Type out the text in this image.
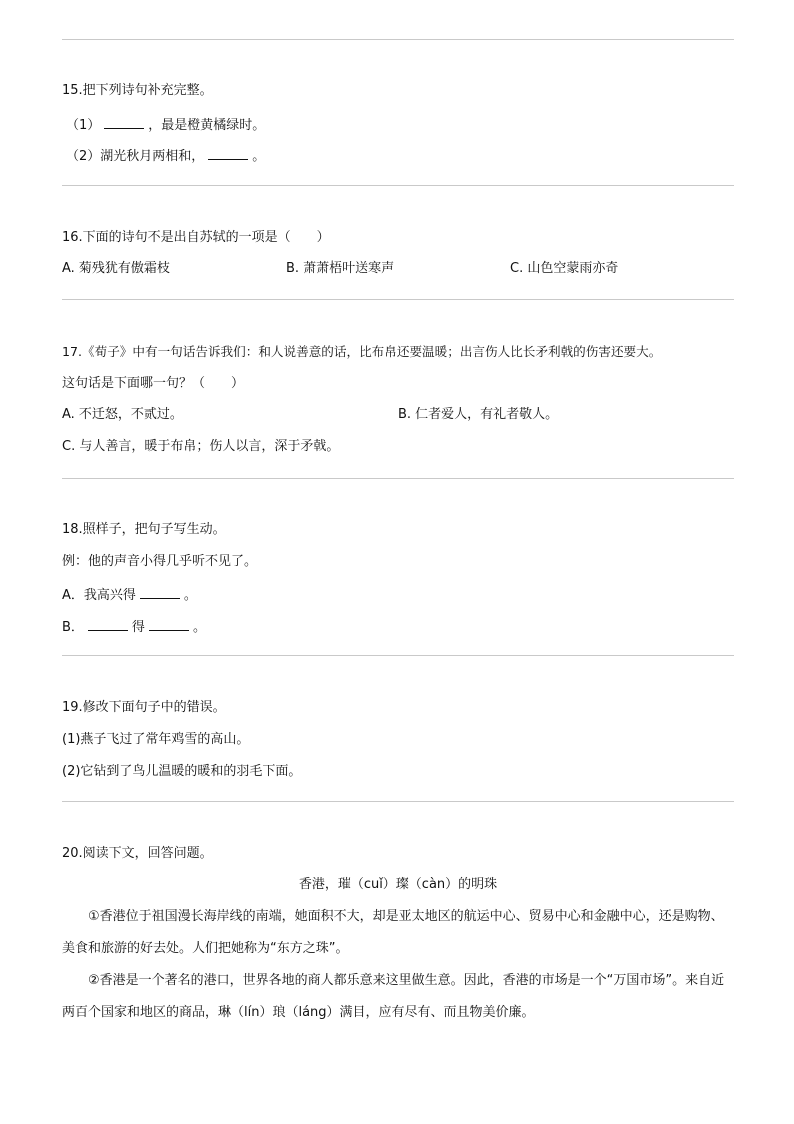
15.把下列诗句补充完整。
（1）	，最是橙黄橘绿时。
（2）湖光秋月两相和，	。
16.下面的诗句不是出自苏轼的一项是（　　）
A. 菊残犹有傲霜枝	B. 萧萧梧叶送寒声	C. 山色空蒙雨亦奇
17.《荀子》中有一句话告诉我们：和人说善意的话，比布帛还要温暖；出言伤人比长矛利戟的伤害还要大。
这句话是下面哪一句？（　　）
A. 不迁怒，不贰过。	B. 仁者爱人，有礼者敬人。
C. 与人善言，暖于布帛；伤人以言，深于矛戟。
18.照样子，把句子写生动。
例：他的声音小得几乎听不见了。
A．我高兴得	。
B．	得	。
19.修改下面句子中的错误。
(1)燕子飞过了常年鸡雪的高山。
(2)它钻到了鸟儿温暖的暖和的羽毛下面。
20.阅读下文，回答问题。
香港，璀（cuǐ）璨（càn）的明珠
①香港位于祖国漫长海岸线的南端，她面积不大，却是亚太地区的航运中心、贸易中心和金融中心，还是购物、美食和旅游的好去处。人们把她称为“东方之珠”。
②香港是一个著名的港口，世界各地的商人都乐意来这里做生意。因此，香港的市场是一个“万国市场”。来自近两百个国家和地区的商品，琳（lín）琅（láng）满目，应有尽有、而且物美价廉。
